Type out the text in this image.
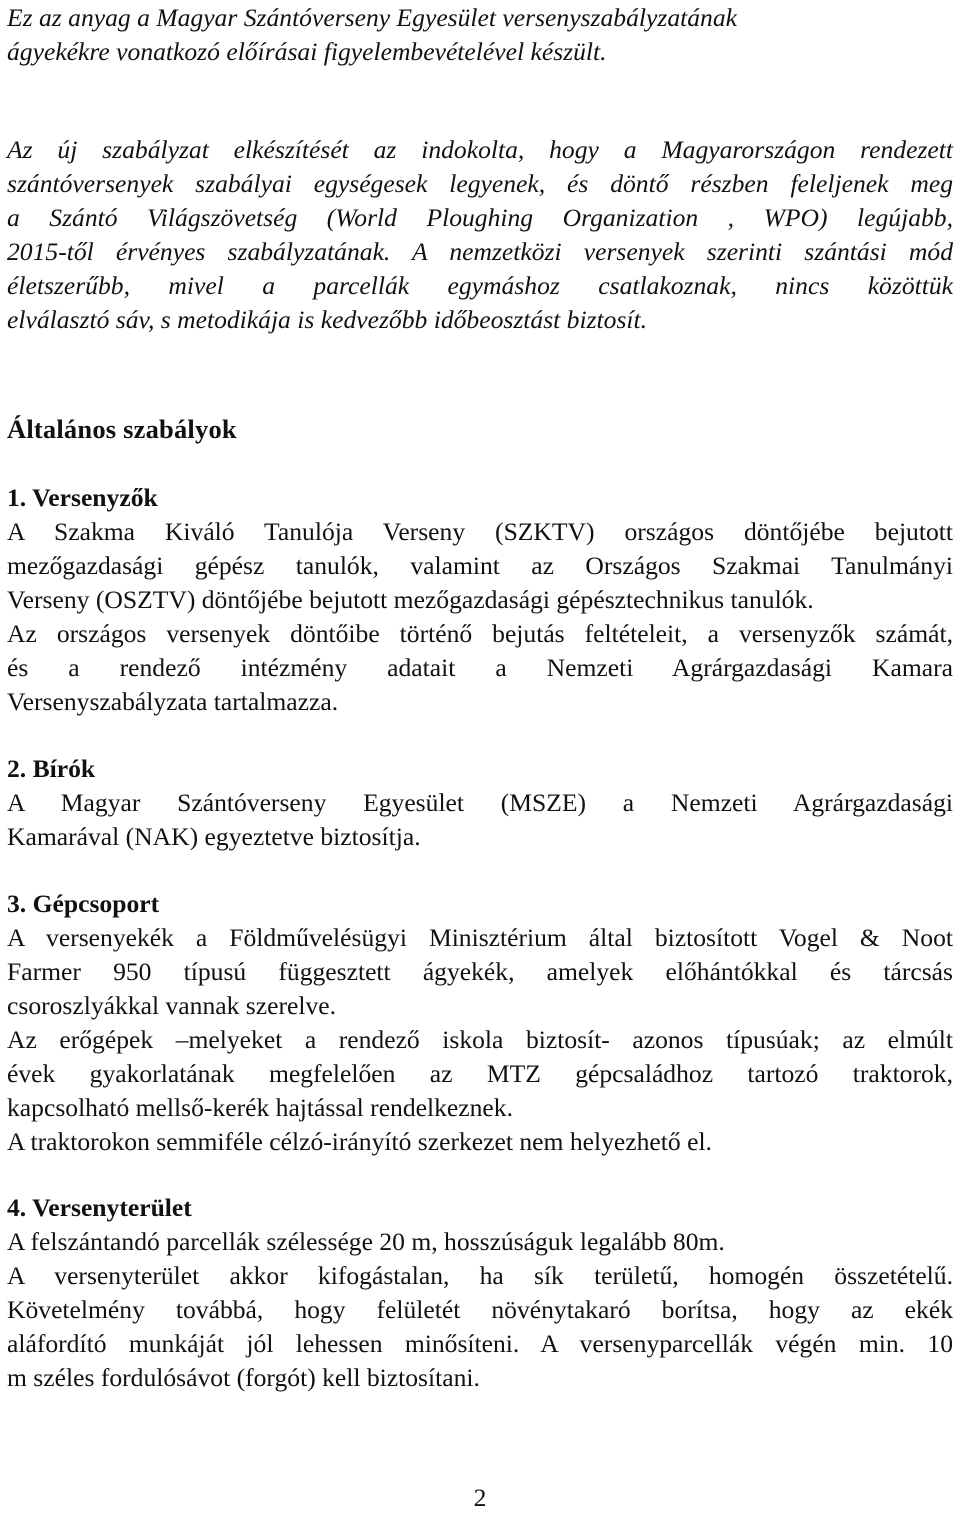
Ez az anyag a Magyar Szántóverseny Egyesület versenyszabályzatának
ágyekékre vonatkozó előírásai figyelembevételével készült.
Az új szabályzat elkészítését az indokolta, hogy a Magyarországon rendezett
szántóversenyek szabályai egységesek legyenek, és döntő részben feleljenek meg
a Szántó Világszövetség (World Ploughing Organization , WPO) legújabb,
2015-től érvényes szabályzatának. A nemzetközi versenyek szerinti szántási mód
életszerűbb, mivel a parcellák egymáshoz csatlakoznak, nincs közöttük
elválasztó sáv, s metodikája is kedvezőbb időbeosztást biztosít.
Általános szabályok
1. Versenyzők
A Szakma Kiváló Tanulója Verseny (SZKTV) országos döntőjébe bejutott
mezőgazdasági gépész tanulók, valamint az Országos Szakmai Tanulmányi
Verseny (OSZTV) döntőjébe bejutott mezőgazdasági gépésztechnikus tanulók.
Az országos versenyek döntőibe történő bejutás feltételeit, a versenyzők számát,
és a rendező intézmény adatait a Nemzeti Agrárgazdasági Kamara
Versenyszabályzata tartalmazza.
2. Bírók
A Magyar Szántóverseny Egyesület (MSZE) a Nemzeti Agrárgazdasági
Kamarával (NAK) egyeztetve biztosítja.
3. Gépcsoport
A versenyekék a Földművelésügyi Minisztérium által biztosított Vogel & Noot
Farmer 950 típusú függesztett ágyekék, amelyek előhántókkal és tárcsás
csoroszlyákkal vannak szerelve.
Az erőgépek –melyeket a rendező iskola biztosít- azonos típusúak; az elmúlt
évek gyakorlatának megfelelően az MTZ gépcsaládhoz tartozó traktorok,
kapcsolható mellső-kerék hajtással rendelkeznek.
A traktorokon semmiféle célzó-irányító szerkezet nem helyezhető el.
4. Versenyterület
A felszántandó parcellák szélessége 20 m, hosszúságuk legalább 80m.
A versenyterület akkor kifogástalan, ha sík területű, homogén összetételű.
Követelmény továbbá, hogy felületét növénytakaró borítsa, hogy az ekék
aláfordító munkáját jól lehessen minősíteni. A versenyparcellák végén min. 10
m széles fordulósávot (forgót) kell biztosítani.
2
